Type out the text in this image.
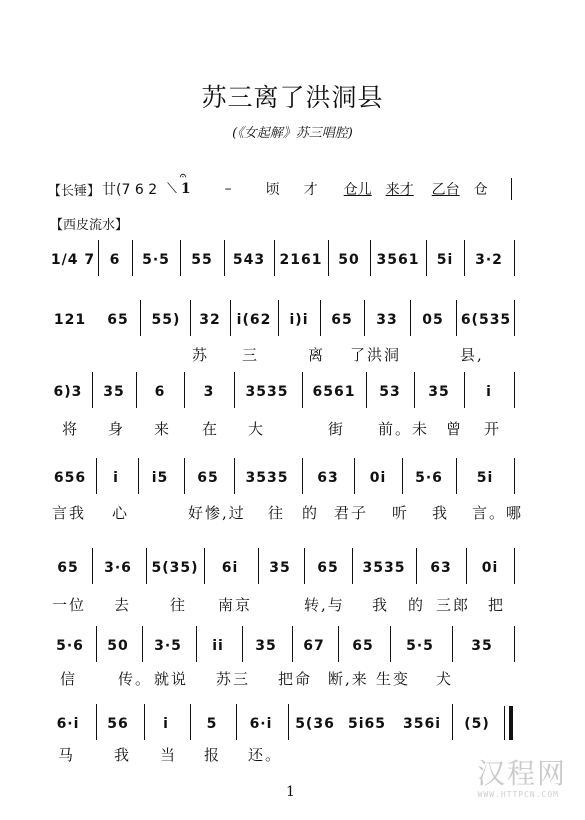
苏三离了洪洞县
(《女起解》苏三唱腔)
【长锤】 廿(7 6 2 ⟍
𝄐
1 – 顷 才 仓儿 来才 乙台 仓
【西皮流水】
1/4 7	6	5·5	55	543	2161	50	3561	5i	3·2
121	65	55)	32	i(62	i)i	65	33	05	6(535
苏 三	离 了洪洞	县,
6)3	35	6	3	3535	6561	53	35	i
将 身 来 在 大	街 前。未 曾 开
656	i	i5	65	3535	63	0i	5·6	5i
言我 心	好惨,过 往 的 君子 听 我 言。哪
65	3·6	5(35)	6i	35	65	3535	63	0i
一位 去	往 南京	转,与 我 的 三郎 把
5·6	50	3·5	ii	35	67	65	5·5	35
信	传。 就说 苏三 把命 断,来 生变 犬
6·i	56	i	5	6·i	5(36 5i65	356i	(5)
马	我 当 报 还。
汉程网
WWW.HTTPCN.COM
1
